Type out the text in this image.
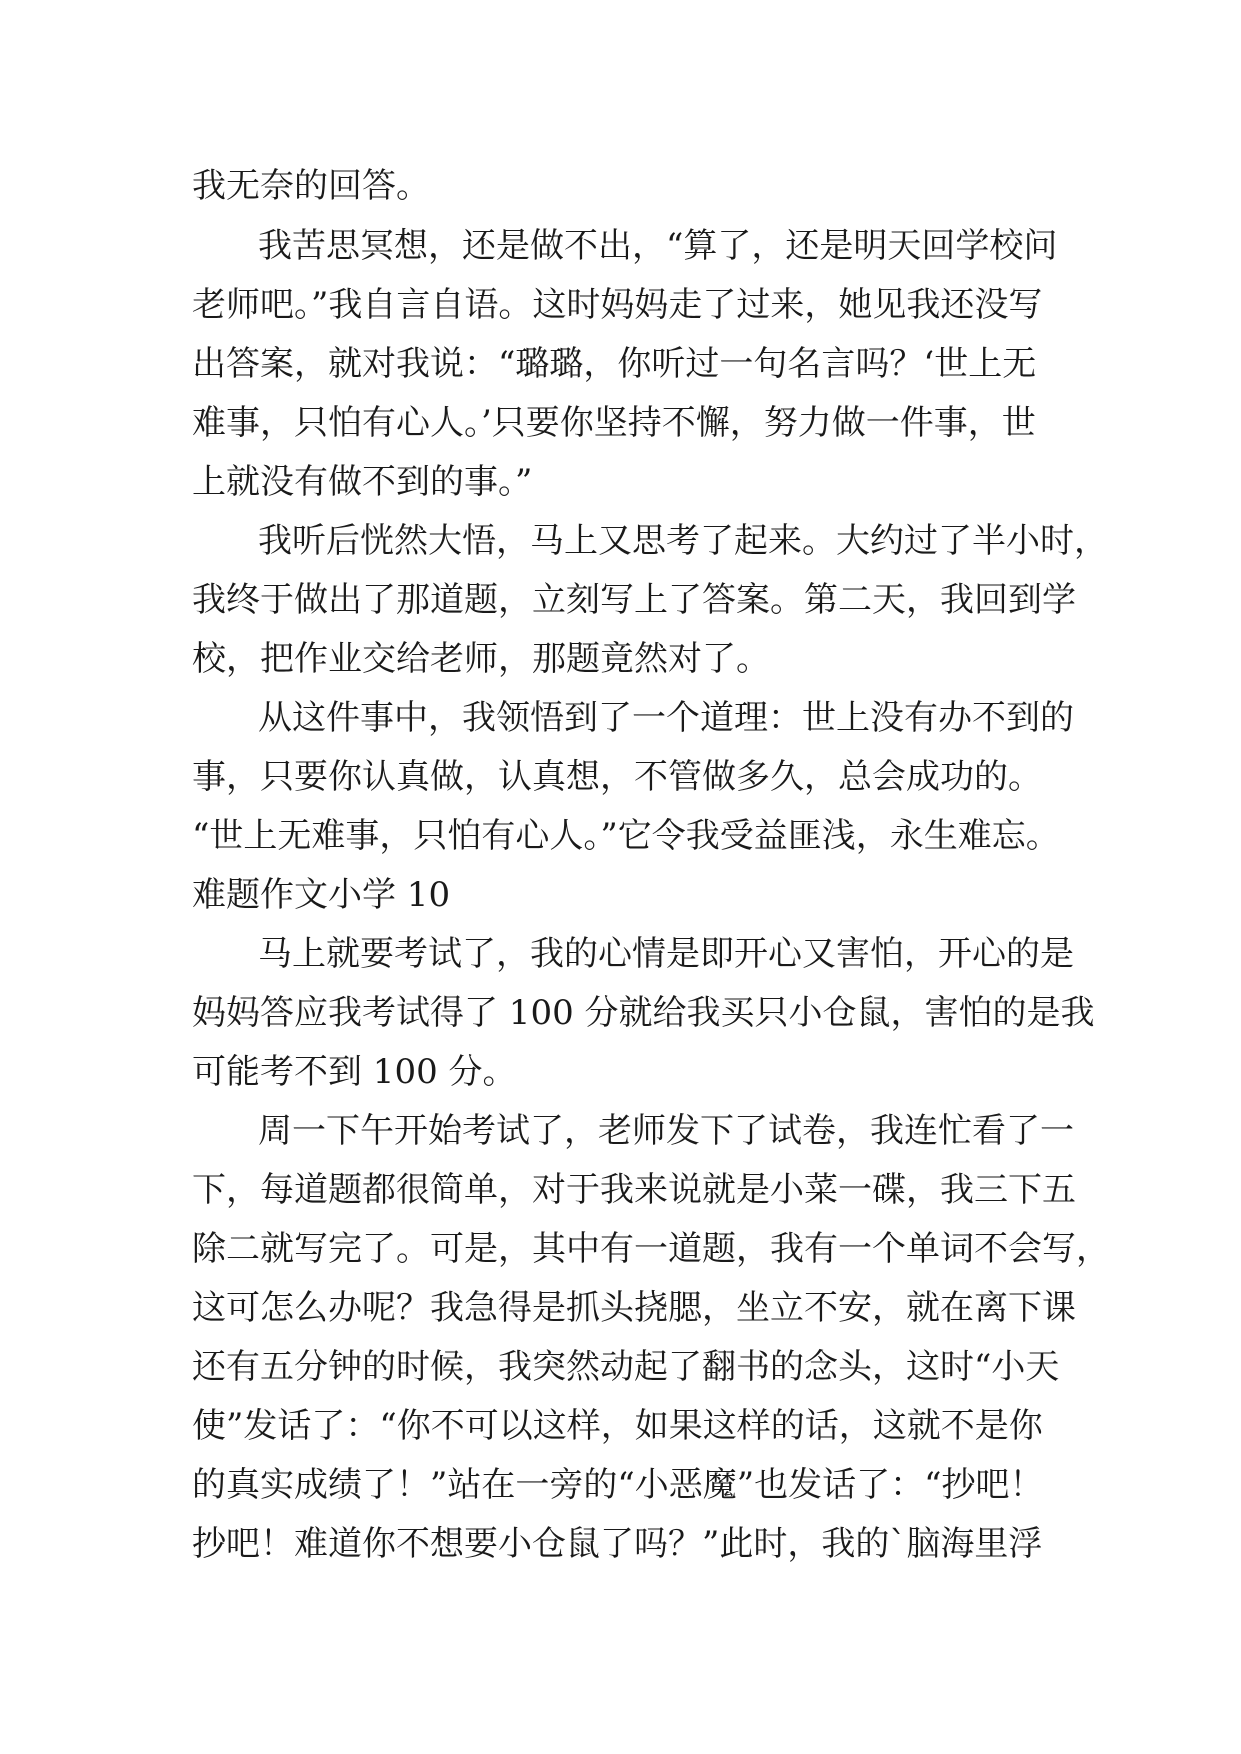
我无奈的回答。
我苦思冥想，还是做不出，“算了，还是明天回学校问
老师吧。”我自言自语。这时妈妈走了过来，她见我还没写
出答案，就对我说：“璐璐，你听过一句名言吗？‘世上无
难事，只怕有心人。’只要你坚持不懈，努力做一件事，世
上就没有做不到的事。”
我听后恍然大悟，马上又思考了起来。大约过了半小时，
我终于做出了那道题，立刻写上了答案。第二天，我回到学
校，把作业交给老师，那题竟然对了。
从这件事中，我领悟到了一个道理：世上没有办不到的
事，只要你认真做，认真想，不管做多久，总会成功的。
“世上无难事，只怕有心人。”它令我受益匪浅，永生难忘。
难题作文小学 10
马上就要考试了，我的心情是即开心又害怕，开心的是
妈妈答应我考试得了 100 分就给我买只小仓鼠，害怕的是我
可能考不到 100 分。
周一下午开始考试了，老师发下了试卷，我连忙看了一
下，每道题都很简单，对于我来说就是小菜一碟，我三下五
除二就写完了。可是，其中有一道题，我有一个单词不会写，
这可怎么办呢？我急得是抓头挠腮，坐立不安，就在离下课
还有五分钟的时候，我突然动起了翻书的念头，这时“小天
使”发话了：“你不可以这样，如果这样的话，这就不是你
的真实成绩了！”站在一旁的“小恶魔”也发话了：“抄吧！
抄吧！难道你不想要小仓鼠了吗？”此时，我的`脑海里浮
